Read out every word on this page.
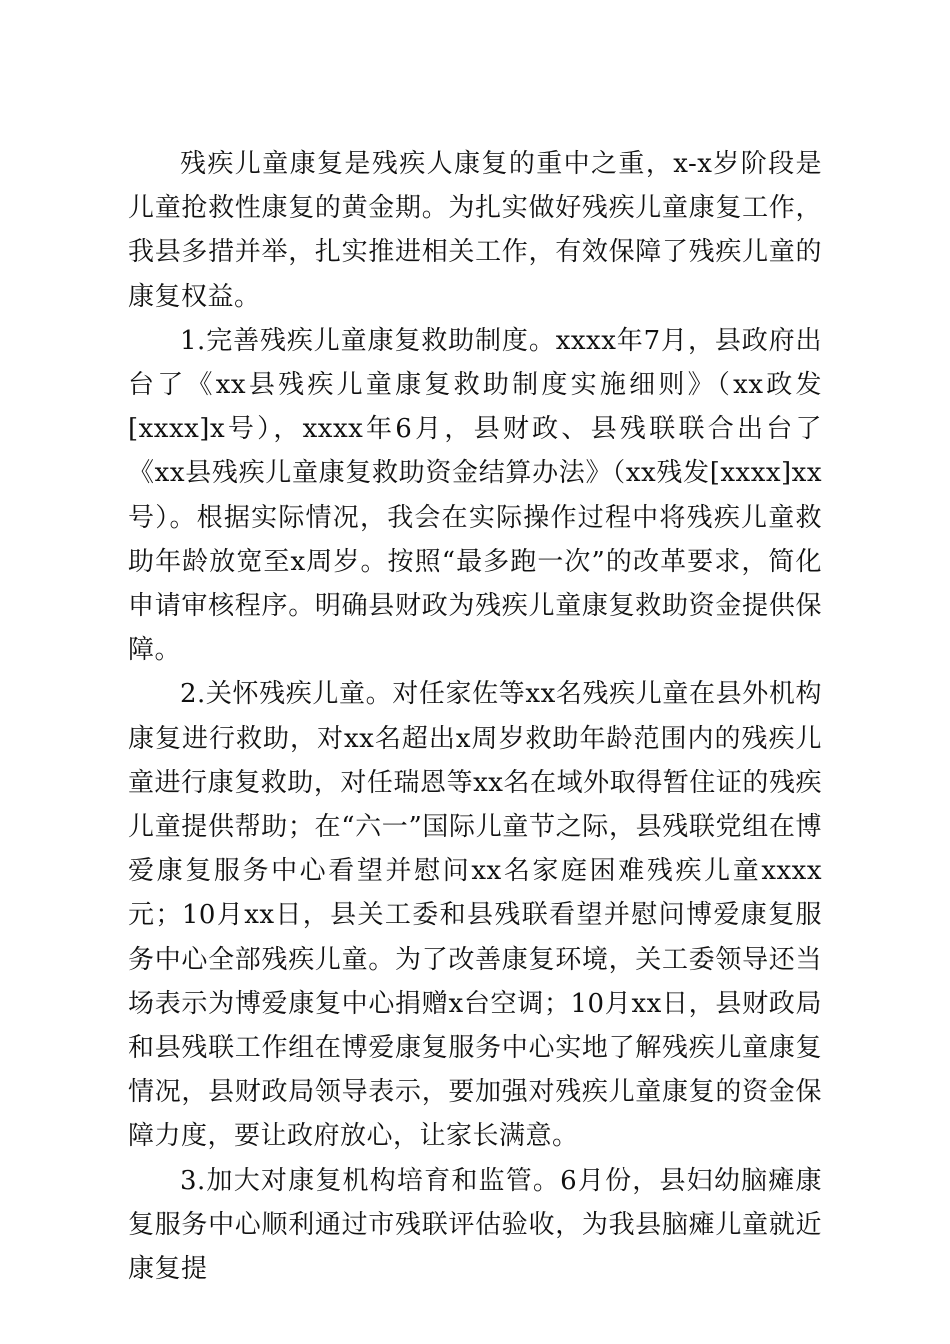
残疾儿童康复是残疾人康复的重中之重，x-x岁阶段是儿童抢救性康复的黄金期。为扎实做好残疾儿童康复工作，我县多措并举，扎实推进相关工作，有效保障了残疾儿童的康复权益。

1.完善残疾儿童康复救助制度。xxxx年7月，县政府出台了《xx县残疾儿童康复救助制度实施细则》（xx政发[xxxx]x号），xxxx年6月，县财政、县残联联合出台了《xx县残疾儿童康复救助资金结算办法》（xx残发[xxxx]xx号）。根据实际情况，我会在实际操作过程中将残疾儿童救助年龄放宽至x周岁。按照“最多跑一次”的改革要求，简化申请审核程序。明确县财政为残疾儿童康复救助资金提供保障。

2.关怀残疾儿童。对任家佐等xx名残疾儿童在县外机构康复进行救助，对xx名超出x周岁救助年龄范围内的残疾儿童进行康复救助，对任瑞恩等xx名在域外取得暂住证的残疾儿童提供帮助；在“六一”国际儿童节之际，县残联党组在博爱康复服务中心看望并慰问xx名家庭困难残疾儿童xxxx元；10月xx日，县关工委和县残联看望并慰问博爱康复服务中心全部残疾儿童。为了改善康复环境，关工委领导还当场表示为博爱康复中心捐赠x台空调；10月xx日，县财政局和县残联工作组在博爱康复服务中心实地了解残疾儿童康复情况，县财政局领导表示，要加强对残疾儿童康复的资金保障力度，要让政府放心，让家长满意。

3.加大对康复机构培育和监管。6月份，县妇幼脑瘫康复服务中心顺利通过市残联评估验收，为我县脑瘫儿童就近康复提
